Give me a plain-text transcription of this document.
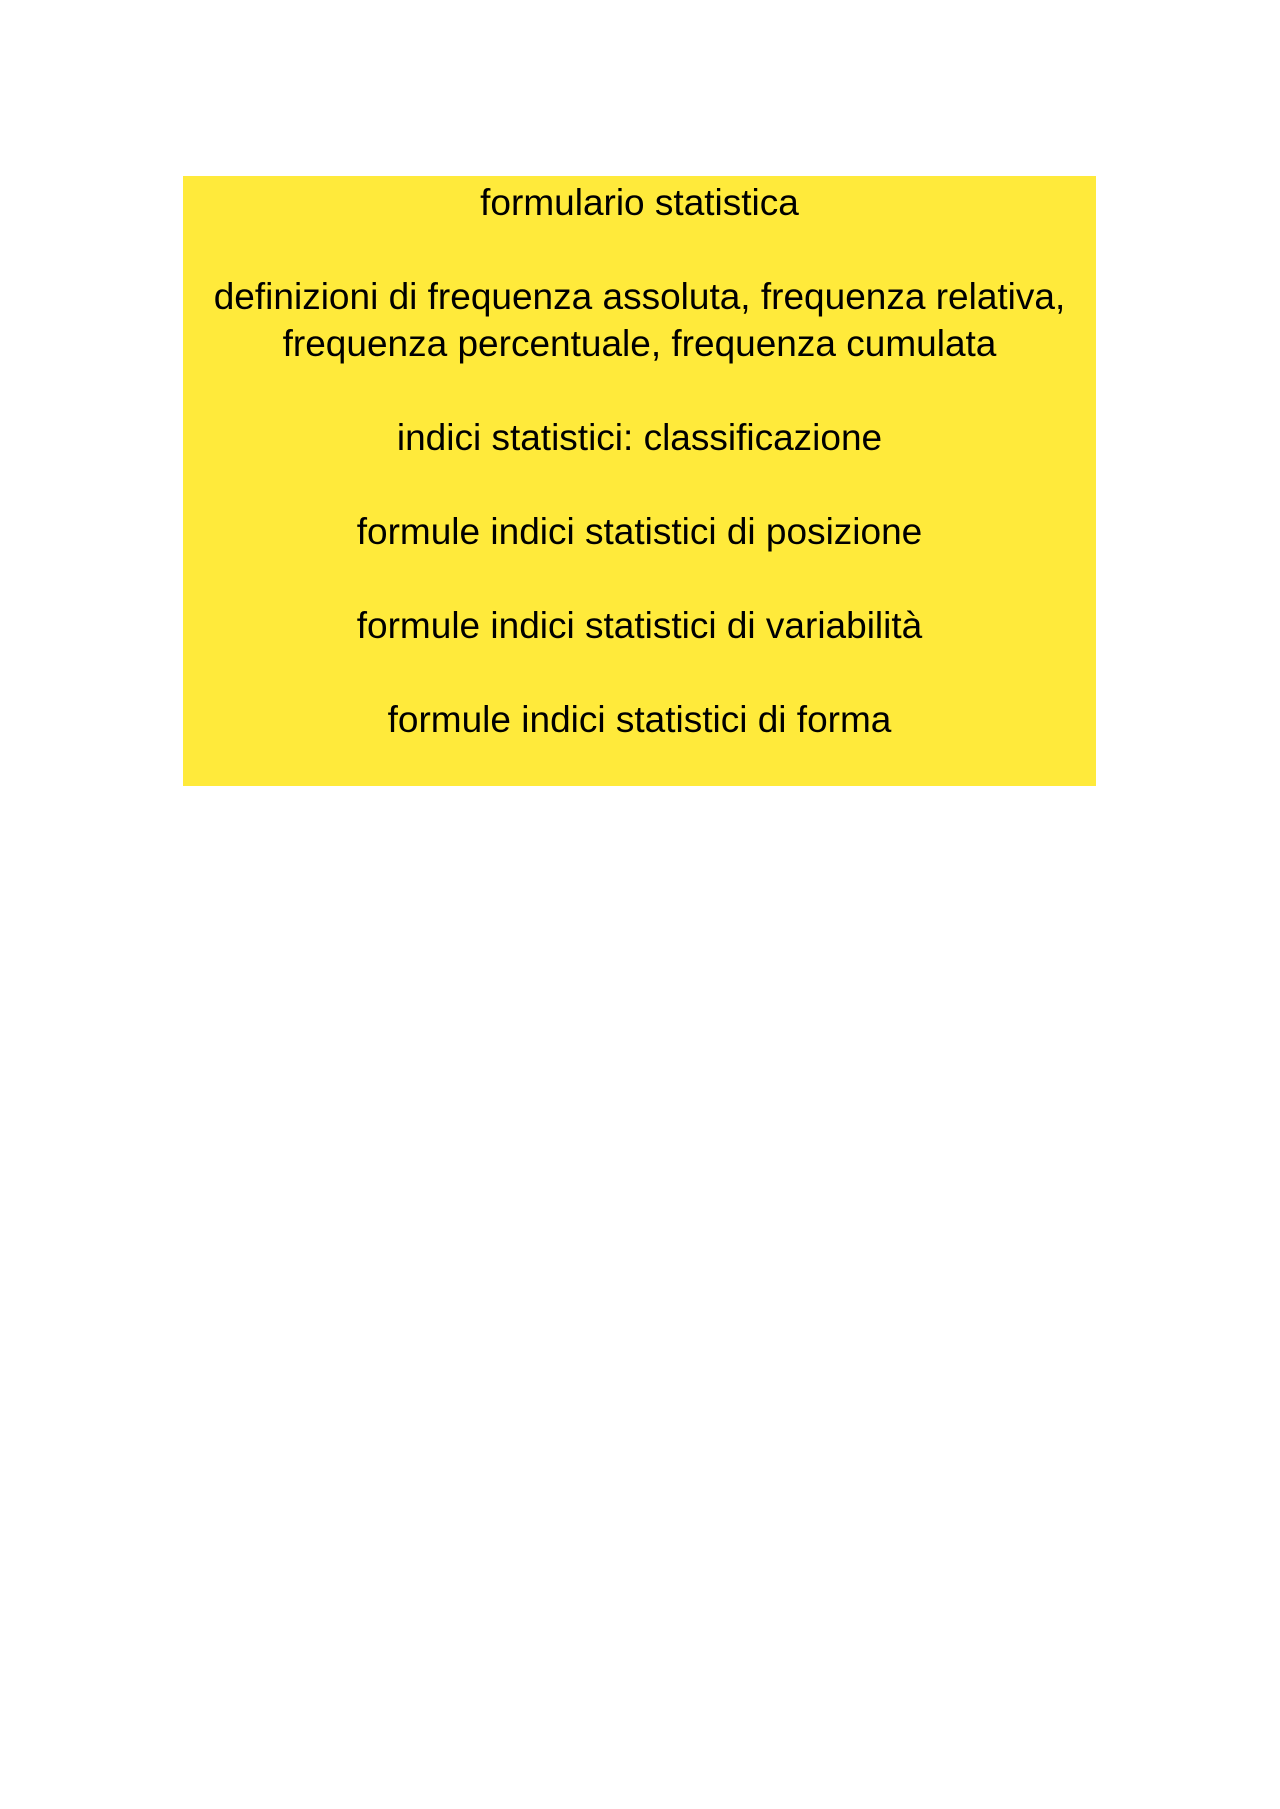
formulario statistica
definizioni di frequenza assoluta, frequenza relativa,
frequenza percentuale, frequenza cumulata
indici statistici: classificazione
formule indici statistici di posizione
formule indici statistici di variabilità
formule indici statistici di forma
